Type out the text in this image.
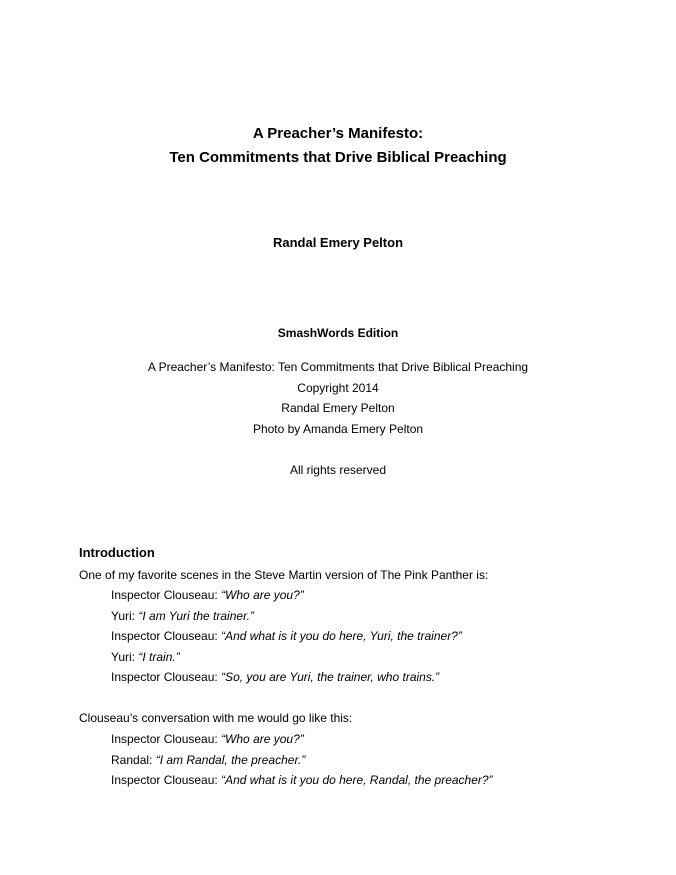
A Preacher’s Manifesto:
Ten Commitments that Drive Biblical Preaching
Randal Emery Pelton
SmashWords Edition
A Preacher’s Manifesto: Ten Commitments that Drive Biblical Preaching
Copyright 2014
Randal Emery Pelton
Photo by Amanda Emery Pelton
All rights reserved
Introduction
One of my favorite scenes in the Steve Martin version of The Pink Panther is:
Inspector Clouseau: “Who are you?”
Yuri: “I am Yuri the trainer.”
Inspector Clouseau: “And what is it you do here, Yuri, the trainer?”
Yuri: “I train.”
Inspector Clouseau: “So, you are Yuri, the trainer, who trains.”
Clouseau’s conversation with me would go like this:
Inspector Clouseau: “Who are you?”
Randal: “I am Randal, the preacher.”
Inspector Clouseau: “And what is it you do here, Randal, the preacher?”
